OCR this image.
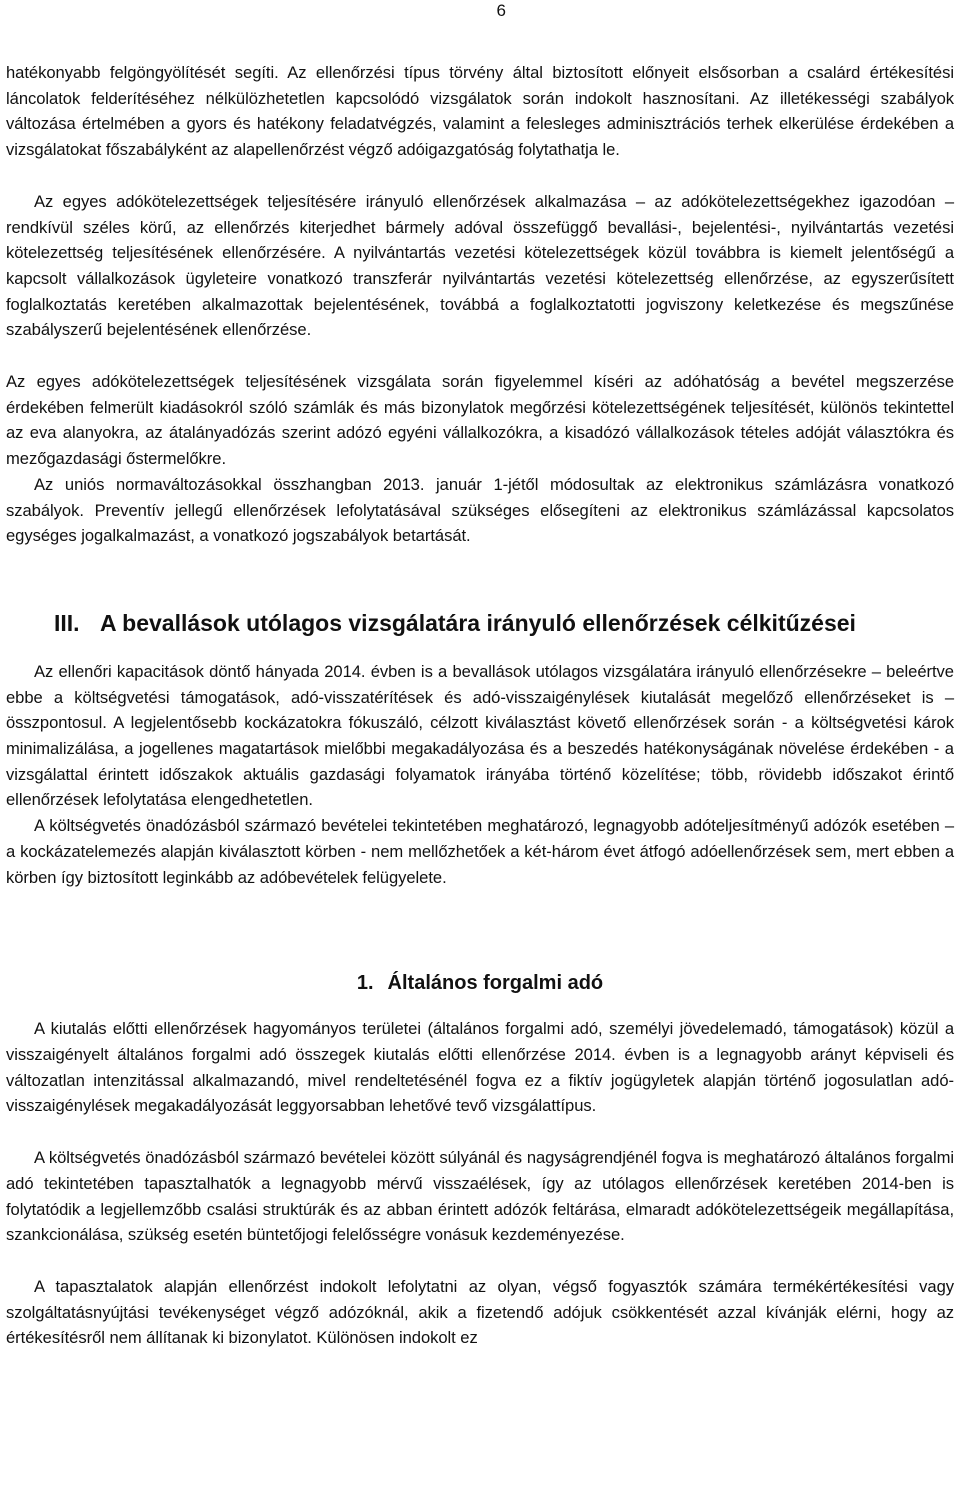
6

hatékonyabb felgöngyölítését segíti. Az ellenőrzési típus törvény által biztosított előnyeit elsősorban a csalárd értékesítési láncolatok felderítéséhez nélkülözhetetlen kapcsolódó vizsgálatok során indokolt hasznosítani. Az illetékességi szabályok változása értelmében a gyors és hatékony feladatvégzés, valamint a felesleges adminisztrációs terhek elkerülése érdekében a vizsgálatokat főszabályként az alapellenőrzést végző adóigazgatóság folytathatja le.

Az egyes adókötelezettségek teljesítésére irányuló ellenőrzések alkalmazása – az adókötelezettségekhez igazodóan – rendkívül széles körű, az ellenőrzés kiterjedhet bármely adóval összefüggő bevallási-, bejelentési-, nyilvántartás vezetési kötelezettség teljesítésének ellenőrzésére. A nyilvántartás vezetési kötelezettségek közül továbbra is kiemelt jelentőségű a kapcsolt vállalkozások ügyleteire vonatkozó transzferár nyilvántartás vezetési kötelezettség ellenőrzése, az egyszerűsített foglalkoztatás keretében alkalmazottak bejelentésének, továbbá a foglalkoztatotti jogviszony keletkezése és megszűnése szabályszerű bejelentésének ellenőrzése.

Az egyes adókötelezettségek teljesítésének vizsgálata során figyelemmel kíséri az adóhatóság a bevétel megszerzése érdekében felmerült kiadásokról szóló számlák és más bizonylatok megőrzési kötelezettségének teljesítését, különös tekintettel az eva alanyokra, az átalányadózás szerint adózó egyéni vállalkozókra, a kisadózó vállalkozások tételes adóját választókra és mezőgazdasági őstermelőkre.

Az uniós normaváltozásokkal összhangban 2013. január 1-jétől módosultak az elektronikus számlázásra vonatkozó szabályok. Preventív jellegű ellenőrzések lefolytatásával szükséges elősegíteni az elektronikus számlázással kapcsolatos egységes jogalkalmazást, a vonatkozó jogszabályok betartását.

III. A bevallások utólagos vizsgálatára irányuló ellenőrzések célkitűzései

Az ellenőri kapacitások döntő hányada 2014. évben is a bevallások utólagos vizsgálatára irányuló ellenőrzésekre – beleértve ebbe a költségvetési támogatások, adó-visszatérítések és adó-visszaigénylések kiutalását megelőző ellenőrzéseket is – összpontosul. A legjelentősebb kockázatokra fókuszáló, célzott kiválasztást követő ellenőrzések során - a költségvetési károk minimalizálása, a jogellenes magatartások mielőbbi megakadályozása és a beszedés hatékonyságának növelése érdekében - a vizsgálattal érintett időszakok aktuális gazdasági folyamatok irányába történő közelítése; több, rövidebb időszakot érintő ellenőrzések lefolytatása elengedhetetlen.

A költségvetés önadózásból származó bevételei tekintetében meghatározó, legnagyobb adóteljesítményű adózók esetében – a kockázatelemezés alapján kiválasztott körben - nem mellőzhetőek a két-három évet átfogó adóellenőrzések sem, mert ebben a körben így biztosított leginkább az adóbevételek felügyelete.

1. Általános forgalmi adó

A kiutalás előtti ellenőrzések hagyományos területei (általános forgalmi adó, személyi jövedelemadó, támogatások) közül a visszaigényelt általános forgalmi adó összegek kiutalás előtti ellenőrzése 2014. évben is a legnagyobb arányt képviseli és változatlan intenzitással alkalmazandó, mivel rendeltetésénél fogva ez a fiktív jogügyletek alapján történő jogosulatlan adó-visszaigénylések megakadályozását leggyorsabban lehetővé tevő vizsgálattípus.

A költségvetés önadózásból származó bevételei között súlyánál és nagyságrendjénél fogva is meghatározó általános forgalmi adó tekintetében tapasztalhatók a legnagyobb mérvű visszaélések, így az utólagos ellenőrzések keretében 2014-ben is folytatódik a legjellemzőbb csalási struktúrák és az abban érintett adózók feltárása, elmaradt adókötelezettségeik megállapítása, szankcionálása, szükség esetén büntetőjogi felelősségre vonásuk kezdeményezése.

A tapasztalatok alapján ellenőrzést indokolt lefolytatni az olyan, végső fogyasztók számára termékértékesítési vagy szolgáltatásnyújtási tevékenységet végző adózóknál, akik a fizetendő adójuk csökkentését azzal kívánják elérni, hogy az értékesítésről nem állítanak ki bizonylatot. Különösen indokolt ez
